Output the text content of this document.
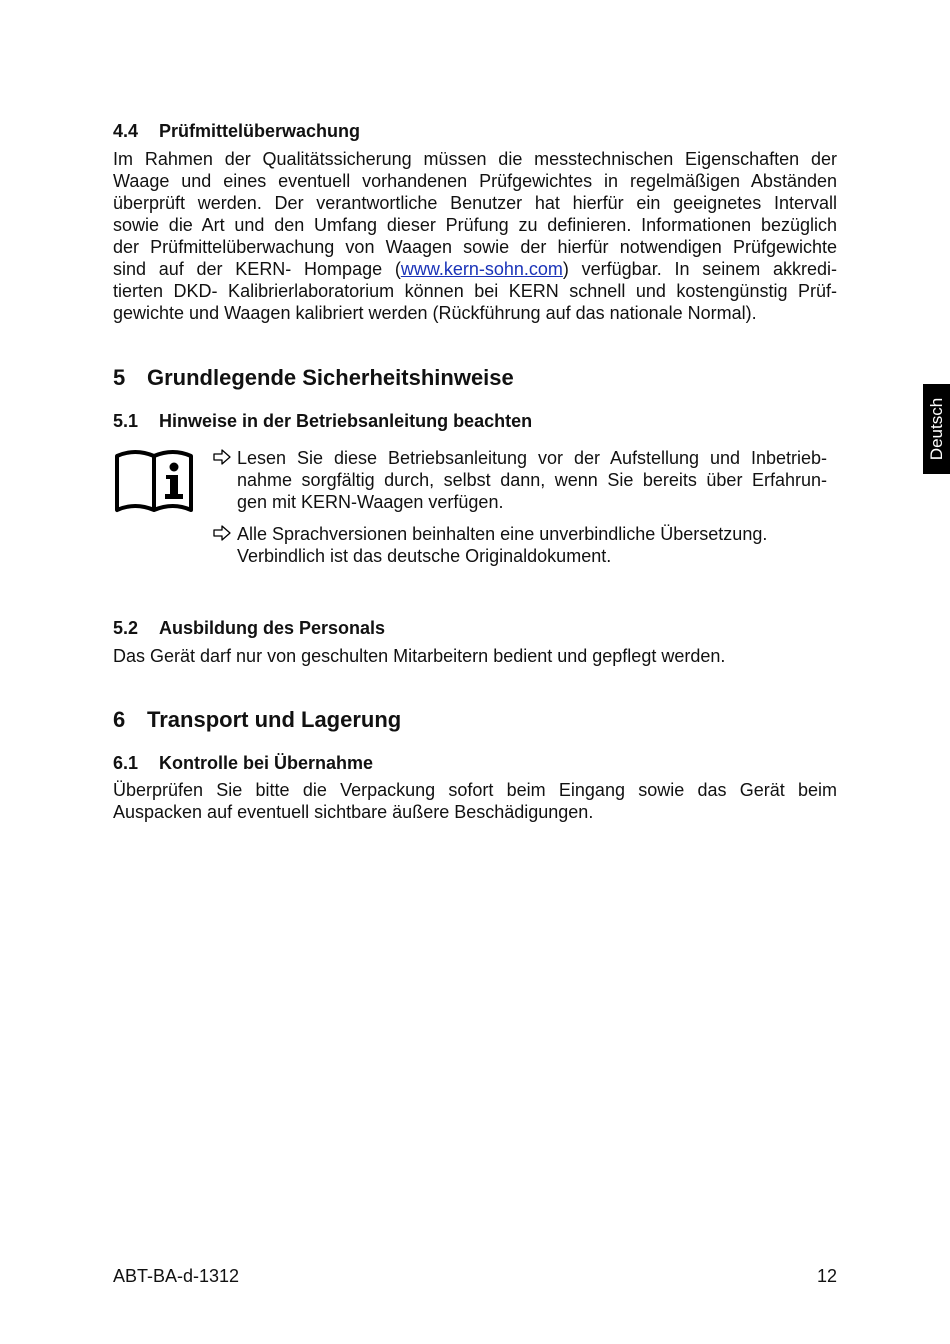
4.4 Prüfmittelüberwachung
Im Rahmen der Qualitätssicherung müssen die messtechnischen Eigenschaften der
Waage und eines eventuell vorhandenen Prüfgewichtes in regelmäßigen Abständen
überprüft werden. Der verantwortliche Benutzer hat hierfür ein geeignetes Intervall
sowie die Art und den Umfang dieser Prüfung zu definieren. Informationen bezüglich
der Prüfmittelüberwachung von Waagen sowie der hierfür notwendigen Prüfgewichte
sind auf der KERN- Hompage (www.kern-sohn.com) verfügbar. In seinem akkredi-
tierten DKD- Kalibrierlaboratorium können bei KERN schnell und kostengünstig Prüf-
gewichte und Waagen kalibriert werden (Rückführung auf das nationale Normal).
5 Grundlegende Sicherheitshinweise
5.1 Hinweise in der Betriebsanleitung beachten
Lesen Sie diese Betriebsanleitung vor der Aufstellung und Inbetrieb-
nahme sorgfältig durch, selbst dann, wenn Sie bereits über Erfahrun-
gen mit KERN-Waagen verfügen.
Alle Sprachversionen beinhalten eine unverbindliche Übersetzung.
Verbindlich ist das deutsche Originaldokument.
5.2 Ausbildung des Personals
Das Gerät darf nur von geschulten Mitarbeitern bedient und gepflegt werden.
6 Transport und Lagerung
6.1 Kontrolle bei Übernahme
Überprüfen Sie bitte die Verpackung sofort beim Eingang sowie das Gerät beim
Auspacken auf eventuell sichtbare äußere Beschädigungen.
Deutsch
ABT-BA-d-1312	12
